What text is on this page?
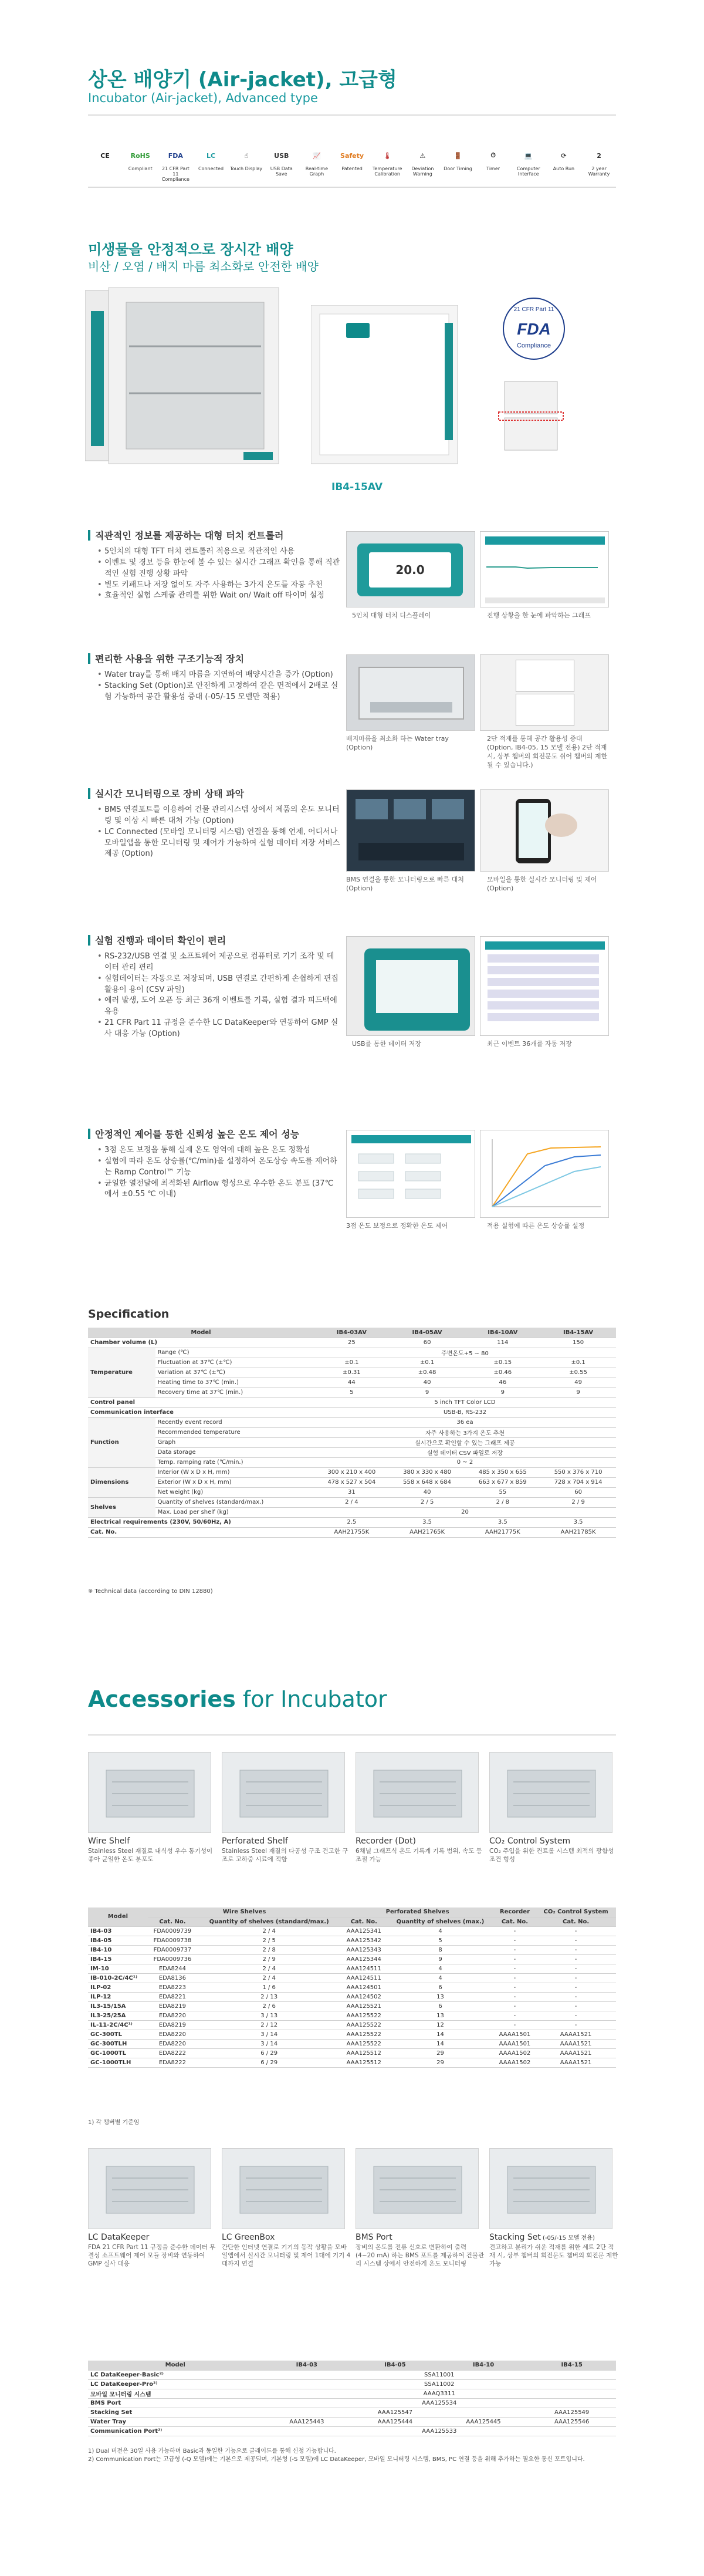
상온 배양기 (Air-jacket), 고급형
Incubator (Air-jacket), Advanced type
CE	RoHS
Compliant
FDA
21 CFR Part 11 Compliance
LC
Connected
☝
Touch Display
USB
USB Data Save
📈
Real-time Graph
Safety
Patented
🌡
Temperature Calibration
⚠
Deviation Warning
🚪
Door Timing
⏱
Timer
💻
Computer Interface
⟳
Auto Run
2
2 year Warranty
미생물을 안정적으로 장시간 배양
비산 / 오염 / 배지 마름 최소화로 안전한 배양
21 CFR Part 11
FDA
Compliance
IB4-15AV
직관적인 정보를 제공하는 대형 터치 컨트롤러
• 5인치의 대형 TFT 터치 컨트롤러 적용으로 직관적인 사용
• 이벤트 및 경보 등을 한눈에 볼 수 있는 실시간 그래프 확인을 통해 직관적인 실험 진행 상황 파악
• 별도 키패드나 저장 없이도 자주 사용하는 3가지 온도를 자동 추천
• 효율적인 실험 스케줄 관리를 위한 Wait on/ Wait off 타이머 설정
20.0
5인치 대형 터치 디스플레이	진행 상황을 한 눈에 파악하는 그래프
편리한 사용을 위한 구조기능적 장치
• Water tray를 통해 배지 마름을 지연하여 배양시간을 증가 (Option)
• Stacking Set (Option)로 안전하게 고정하여 같은 면적에서 2배로 실험 가능하여 공간 활용성 증대 (-05/-15 모델만 적용)
배지마름을 최소화 하는 Water tray (Option)
2단 적재를 통해 공간 활용성 증대 (Option, IB4-05, 15 모델 전용) 2단 적재 시, 상부 챔버의 회전문도 쉬어 챔버의 제한될 수 있습니다.)
실시간 모니터링으로 장비 상태 파악
• BMS 연결포트를 이용하여 건물 관리시스템 상에서 제품의 온도 모니터링 및 이상 시 빠른 대처 가능 (Option)
• LC Connected (모바일 모니터링 시스템) 연결을 통해 언제, 어디서나 모바일앱을 통한 모니터링 및 제어가 가능하여 실험 데이터 저장 서비스 제공 (Option)
BMS 연결을 통한 모니터링으로 빠른 대처 (Option)
모바일을 통한 실시간 모니터링 및 제어 (Option)
실험 진행과 데이터 확인이 편리
• RS-232/USB 연결 및 소프트웨어 제공으로 컴퓨터로 기기 조작 및 데이터 관리 편리
• 실험데이터는 자동으로 저장되며, USB 연결로 간편하게 손쉽하게 편집 활용이 용이 (CSV 파일)
• 에러 발생, 도어 오픈 등 최근 36개 이벤트를 기록, 실험 결과 피드백에 유용
• 21 CFR Part 11 규정을 준수한 LC DataKeeper와 연동하여 GMP 실사 대응 가능 (Option)
USB를 통한 데이터 저장	최근 이벤트 36개를 자동 저장
안정적인 제어를 통한 신뢰성 높은 온도 제어 성능
• 3점 온도 보정을 통해 실제 온도 영역에 대해 높은 온도 정확성
• 실험에 따라 온도 상승률(℃/min)을 설정하여 온도상승 속도를 제어하는 Ramp Control™ 기능
• 균일한 열전달에 최적화된 Airflow 형성으로 우수한 온도 분포 (37℃에서 ±0.55 ℃ 이내)
3점 온도 보정으로 정확한 온도 제어	적용 실험에 따른 온도 상승률 설정
Specification
Model		IB4-03AV	IB4-05AV	IB4-10AV	IB4-15AV
Chamber volume (L)		25	60	114	150
Temperature	Range (℃)	주변온도+5 ~ 80			
	Fluctuation at 37℃ (±℃)	±0.1	±0.1	±0.15	±0.1
	Variation at 37℃ (±℃)	±0.31	±0.48	±0.46	±0.55
	Heating time to 37℃ (min.)	44	40	46	49
	Recovery time at 37℃ (min.)	5	9	9	9
Control panel		5 inch TFT Color LCD			
Communication interface		USB-B, RS-232			
Function	Recently event record	36 ea			
	Recommended temperature	자주 사용하는 3가지 온도 추천			
	Graph	실시간으로 확인할 수 있는 그래프 제공			
	Data storage	실험 데이터 CSV 파일로 저장			
	Temp. ramping rate (℃/min.)	0 ~ 2			
Dimensions	Interior (W x D x H, mm)	300 x 210 x 400	380 x 330 x 480	485 x 350 x 655	550 x 376 x 710
	Exterior (W x D x H, mm)	478 x 527 x 504	558 x 648 x 684	663 x 677 x 859	728 x 704 x 914
	Net weight (kg)	31	40	55	60
Shelves	Quantity of shelves (standard/max.)	2 / 4	2 / 5	2 / 8	2 / 9
	Max. Load per shelf (kg)	20			
Electrical requirements (230V, 50/60Hz, A)		2.5	3.5	3.5	3.5
Cat. No.		AAH21755K	AAH21765K	AAH21775K	AAH21785K
※ Technical data (according to DIN 12880)
Accessories for Incubator
Wire Shelf
Stainless Steel 재질로 내식성 우수 통기성이 좋아 균일한 온도 분포도
Perforated Shelf
Stainless Steel 재질의 다공성 구조 견고한 구조로 고하중 시료에 적합
Recorder (Dot)
6채널 그래프식 온도 기록계 기록 범위, 속도 등 조절 가능
CO₂ Control System
CO₂ 주입을 위한 컨트롤 시스템 최적의 광합성 조건 형성
Model	Wire Shelves		Perforated Shelves		Recorder	CO₂ Control System
	Cat. No.	Quantity of shelves (standard/max.)	Cat. No.	Quantity of shelves (max.)	Cat. No.	Cat. No.
IB4-03	FDA0009739	2 / 4	AAA125341	4	-	-
IB4-05	FDA0009738	2 / 5	AAA125342	5	-	-
IB4-10	FDA0009737	2 / 8	AAA125343	8	-	-
IB4-15	FDA0009736	2 / 9	AAA125344	9	-	-
IM-10	EDA8244	2 / 4	AAA124511	4	-	-
IB-010-2C/4C¹⁾	EDA8136	2 / 4	AAA124511	4	-	-
ILP-02	EDA8223	1 / 6	AAA124501	6	-	-
ILP-12	EDA8221	2 / 13	AAA124502	13	-	-
IL3-15/15A	EDA8219	2 / 6	AAA125521	6	-	-
IL3-25/25A	EDA8220	3 / 13	AAA125522	13	-	-
IL-11-2C/4C¹⁾	EDA8219	2 / 12	AAA125522	12	-	-
GC-300TL	EDA8220	3 / 14	AAA125522	14	AAAA1501	AAAA1521
GC-300TLH	EDA8220	3 / 14	AAA125522	14	AAAA1501	AAAA1521
GC-1000TL	EDA8222	6 / 29	AAA125512	29	AAAA1502	AAAA1521
GC-1000TLH	EDA8222	6 / 29	AAA125512	29	AAAA1502	AAAA1521
1) 각 챔버별 기준임
LC DataKeeper
FDA 21 CFR Part 11 규정을 준수한 데이터 무결성 소프트웨어 제어 모듈 장비와 연동하여 GMP 실사 대응
LC GreenBox
간단한 인터넷 연결로 기기의 동작 상황을 모바일앱에서 실시간 모니터링 및 제어 1대에 기기 4대까지 연결
BMS Port
장비의 온도를 전류 신호로 변환하여 출력 (4~20 mA) 하는 BMS 포트를 제공하여 건물관리 시스템 상에서 안전하게 온도 모니터링
Stacking Set (-05/-15 모델 전용)
견고하고 분리가 쉬운 적재를 위한 세트 2단 적재 시, 상부 챔버의 회전문도 챔버의 회전문 제한 가능
Model	IB4-03	IB4-05	IB4-10	IB4-15
LC DataKeeper-Basic²⁾	SSA11001			
LC DataKeeper-Pro²⁾	SSA11002			
모바일 모니터링 시스템	AAAQ3311			
BMS Port	AAA125534			
Stacking Set		AAA125547		AAA125549
Water Tray	AAA125443	AAA125444	AAA125445	AAA125546
Communication Port²⁾	AAA125533			
1) Dual 버전은 30일 사용 가능하며 Basic과 동일한 기능으로 클래이드를 통해 신청 가능합니다.
2) Communication Port는 고급형 (-Q 모델)에는 기본으로 제공되며, 기본형 (-S 모델)에 LC DataKeeper, 모바일 모니터링 시스템, BMS, PC 연결 등을 위해 추가하는 필요한 통신 포트입니다.
